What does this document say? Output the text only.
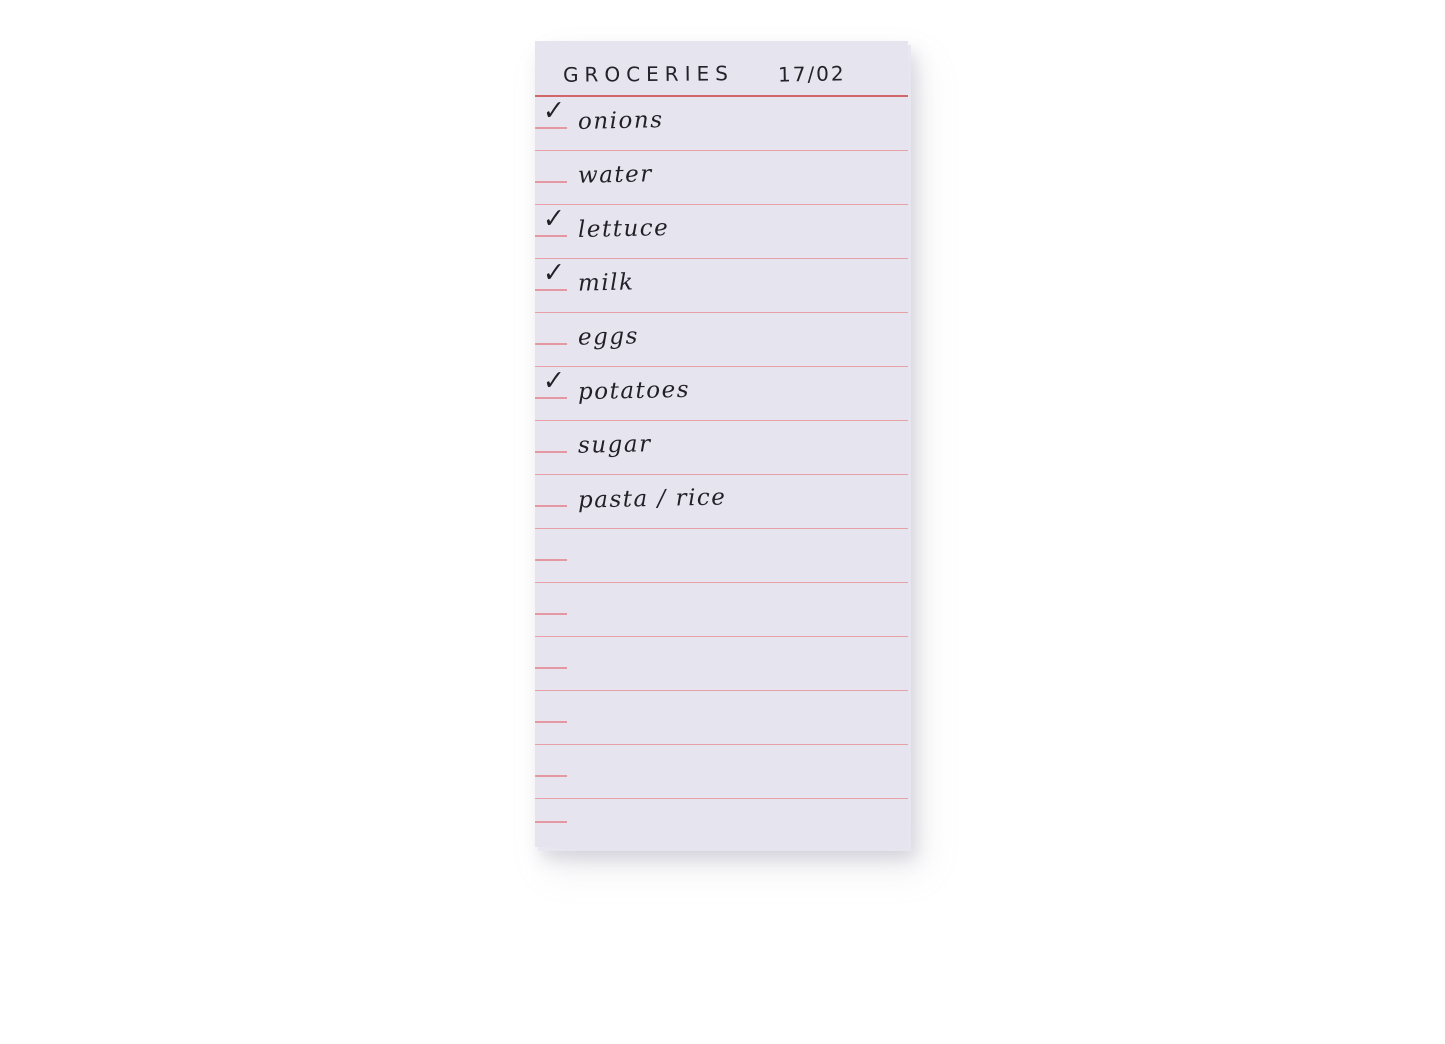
GROCERIES 17/02
✓ onions
water
✓ lettuce
✓ milk
eggs
✓ potatoes
sugar
pasta / rice
